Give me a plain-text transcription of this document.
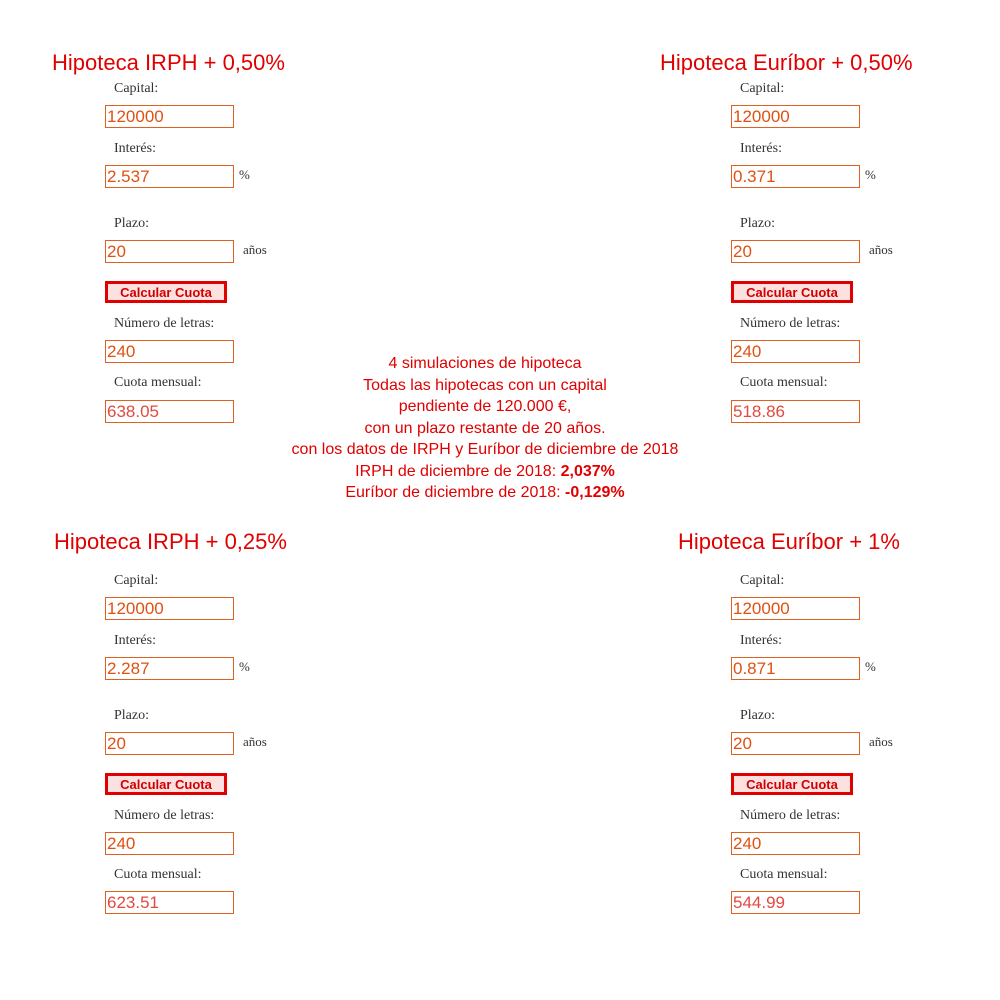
Hipoteca IRPH + 0,50%
Capital:
120000
Interés:
2.537
%
Plazo:
20
años
Calcular Cuota
Número de letras:
240
Cuota mensual:
638.05
Hipoteca Euríbor + 0,50%
Capital:
120000
Interés:
0.371
%
Plazo:
20
años
Calcular Cuota
Número de letras:
240
Cuota mensual:
518.86
Hipoteca IRPH + 0,25%
Capital:
120000
Interés:
2.287
%
Plazo:
20
años
Calcular Cuota
Número de letras:
240
Cuota mensual:
623.51
Hipoteca Euríbor + 1%
Capital:
120000
Interés:
0.871
%
Plazo:
20
años
Calcular Cuota
Número de letras:
240
Cuota mensual:
544.99
4 simulaciones de hipoteca
Todas las hipotecas con un capital
pendiente de 120.000 €,
con un plazo restante de 20 años.
con los datos de IRPH y Euríbor de diciembre de 2018
IRPH de diciembre de 2018: 2,037%
Euríbor de diciembre de 2018: -0,129%
